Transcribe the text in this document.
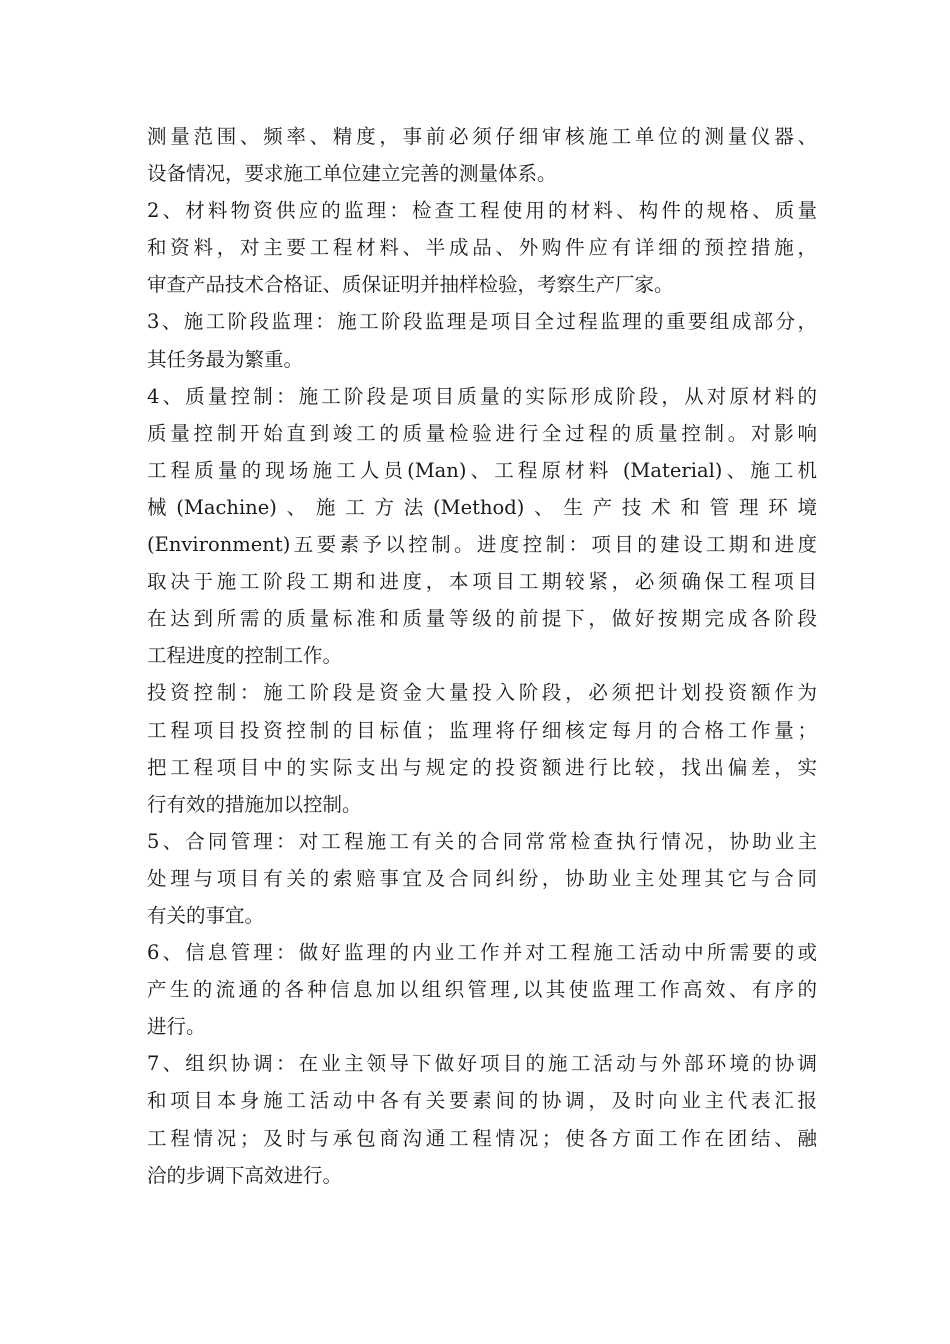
测量范围、频率、精度，事前必须仔细审核施工单位的测量仪器、
设备情况，要求施工单位建立完善的测量体系。
2、材料物资供应的监理：检查工程使用的材料、构件的规格、质量
和资料，对主要工程材料、半成品、外购件应有详细的预控措施，
审查产品技术合格证、质保证明并抽样检验，考察生产厂家。
3、施工阶段监理：施工阶段监理是项目全过程监理的重要组成部分，
其任务最为繁重。
4、质量控制：施工阶段是项目质量的实际形成阶段，从对原材料的
质量控制开始直到竣工的质量检验进行全过程的质量控制。对影响
工程质量的现场施工人员(Man)、工程原材料 (Material)、施工机
械(Machine)、施工方法(Method)、生产技术和管理环境
(Environment)五要素予以控制。进度控制：项目的建设工期和进度
取决于施工阶段工期和进度，本项目工期较紧，必须确保工程项目
在达到所需的质量标准和质量等级的前提下，做好按期完成各阶段
工程进度的控制工作。
投资控制：施工阶段是资金大量投入阶段，必须把计划投资额作为
工程项目投资控制的目标值；监理将仔细核定每月的合格工作量；
把工程项目中的实际支出与规定的投资额进行比较，找出偏差，实
行有效的措施加以控制。
5、合同管理：对工程施工有关的合同常常检查执行情况，协助业主
处理与项目有关的索赔事宜及合同纠纷，协助业主处理其它与合同
有关的事宜。
6、信息管理：做好监理的内业工作并对工程施工活动中所需要的或
产生的流通的各种信息加以组织管理,以其使监理工作高效、有序的
进行。
7、组织协调：在业主领导下做好项目的施工活动与外部环境的协调
和项目本身施工活动中各有关要素间的协调，及时向业主代表汇报
工程情况；及时与承包商沟通工程情况；使各方面工作在团结、融
洽的步调下高效进行。
